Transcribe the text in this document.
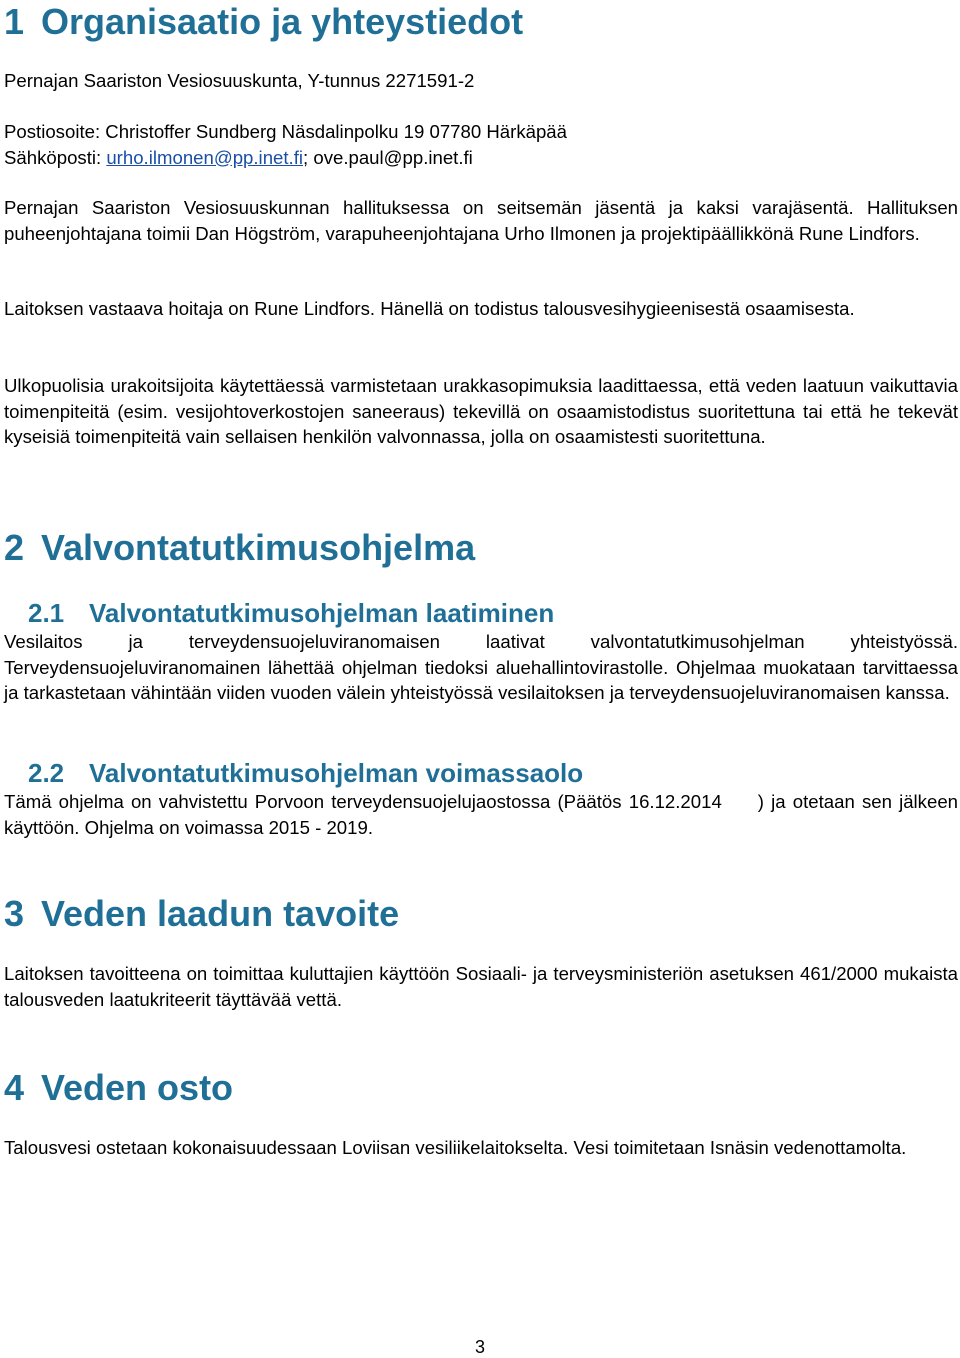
1 Organisaatio ja yhteystiedot

Pernajan Saariston Vesiosuuskunta, Y-tunnus 2271591-2

Postiosoite: Christoffer Sundberg Näsdalinpolku 19 07780 Härkäpää

Sähköposti: urho.ilmonen@pp.inet.fi; ove.paul@pp.inet.fi

Pernajan Saariston Vesiosuuskunnan hallituksessa on seitsemän jäsentä ja kaksi varajäsentä. Hallituksen puheenjohtajana toimii Dan Högström, varapuheenjohtajana Urho Ilmonen ja projektipäällikkönä Rune Lindfors.

Laitoksen vastaava hoitaja on Rune Lindfors. Hänellä on todistus talousvesihygieenisestä osaamisesta.

Ulkopuolisia urakoitsijoita käytettäessä varmistetaan urakkasopimuksia laadittaessa, että veden laatuun vaikuttavia toimenpiteitä (esim. vesijohtoverkostojen saneeraus) tekevillä on osaamistodistus suoritettuna tai että he tekevät kyseisiä toimenpiteitä vain sellaisen henkilön valvonnassa, jolla on osaamistesti suoritettuna.

2 Valvontatutkimusohjelma
2.1 Valvontatutkimusohjelman laatiminen

Vesilaitos ja terveydensuojeluviranomaisen laativat valvontatutkimusohjelman yhteistyössä. Terveydensuojeluviranomainen lähettää ohjelman tiedoksi aluehallintovirastolle. Ohjelmaa muokataan tarvittaessa ja tarkastetaan vähintään viiden vuoden välein yhteistyössä vesilaitoksen ja terveydensuojeluviranomaisen kanssa.

2.2 Valvontatutkimusohjelman voimassaolo

Tämä ohjelma on vahvistettu Porvoon terveydensuojelujaostossa (Päätös 16.12.2014 ) ja otetaan sen jälkeen käyttöön. Ohjelma on voimassa 2015 - 2019.

3 Veden laadun tavoite

Laitoksen tavoitteena on toimittaa kuluttajien käyttöön Sosiaali- ja terveysministeriön asetuksen 461/2000 mukaista talousveden laatukriteerit täyttävää vettä.

4 Veden osto

Talousvesi ostetaan kokonaisuudessaan Loviisan vesiliikelaitokselta. Vesi toimitetaan Isnäsin vedenottamolta.

3
